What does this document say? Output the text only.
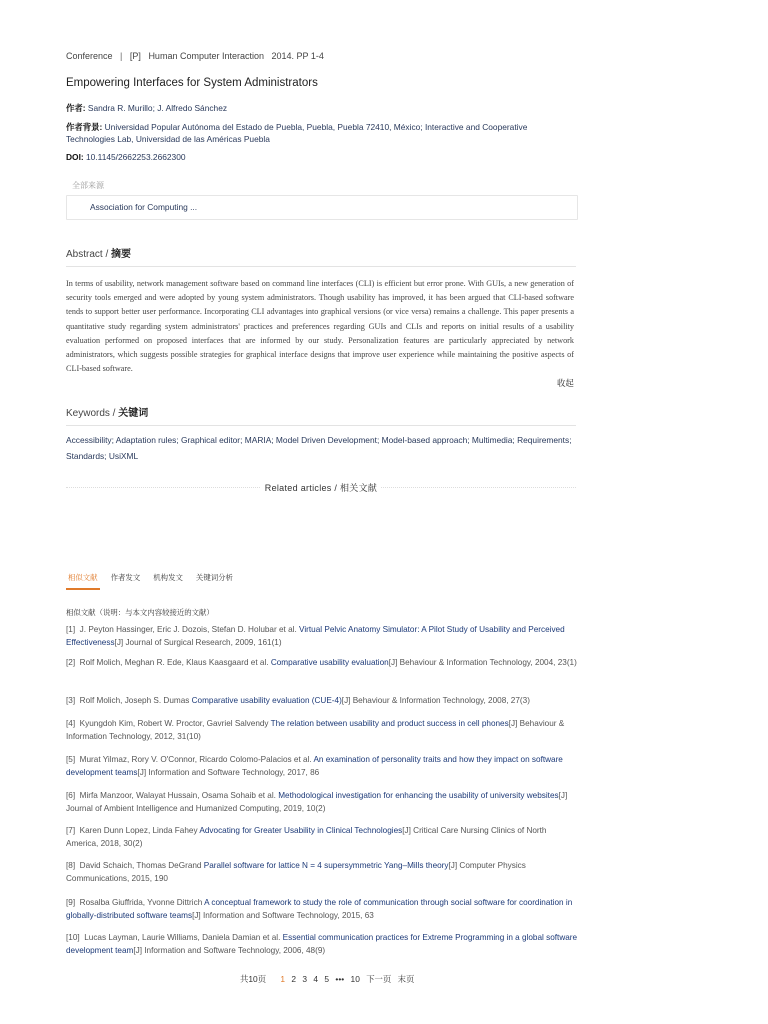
Conference | [P] Human Computer Interaction 2014. PP 1-4
Empowering Interfaces for System Administrators
作者: Sandra R. Murillo; J. Alfredo Sánchez
作者背景: Universidad Popular Autónoma del Estado de Puebla, Puebla, Puebla 72410, México; Interactive and Cooperative Technologies Lab, Universidad de las Américas Puebla
DOI: 10.1145/2662253.2662300
全部来源
Association for Computing ...
Abstract / 摘要
In terms of usability, network management software based on command line interfaces (CLI) is efficient but error prone. With GUIs, a new generation of security tools emerged and were adopted by young system administrators. Though usability has improved, it has been argued that CLI-based software tends to support better user performance. Incorporating CLI advantages into graphical versions (or vice versa) remains a challenge. This paper presents a quantitative study regarding system administrators' practices and preferences regarding GUIs and CLIs and reports on initial results of a usability evaluation performed on proposed interfaces that are informed by our study. Personalization features are particularly appreciated by network administrators, which suggests possible strategies for graphical interface designs that improve user experience while maintaining the positive aspects of CLI-based software.
收起
Keywords / 关键词
Accessibility; Adaptation rules; Graphical editor; MARIA; Model Driven Development; Model-based approach; Multimedia; Requirements; Standards; UsiXML
Related articles / 相关文献
相似文献 作者发文 机构发文 关键词分析
相似文献（说明：与本文内容较接近的文献）
[1] J. Peyton Hassinger, Eric J. Dozois, Stefan D. Holubar et al. Virtual Pelvic Anatomy Simulator: A Pilot Study of Usability and Perceived Effectiveness[J] Journal of Surgical Research, 2009, 161(1)
[2] Rolf Molich, Meghan R. Ede, Klaus Kaasgaard et al. Comparative usability evaluation[J] Behaviour & Information Technology, 2004, 23(1)
[3] Rolf Molich, Joseph S. Dumas Comparative usability evaluation (CUE-4)[J] Behaviour & Information Technology, 2008, 27(3)
[4] Kyungdoh Kim, Robert W. Proctor, Gavriel Salvendy The relation between usability and product success in cell phones[J] Behaviour & Information Technology, 2012, 31(10)
[5] Murat Yilmaz, Rory V. O'Connor, Ricardo Colomo-Palacios et al. An examination of personality traits and how they impact on software development teams[J] Information and Software Technology, 2017, 86
[6] Mirfa Manzoor, Walayat Hussain, Osama Sohaib et al. Methodological investigation for enhancing the usability of university websites[J] Journal of Ambient Intelligence and Humanized Computing, 2019, 10(2)
[7] Karen Dunn Lopez, Linda Fahey Advocating for Greater Usability in Clinical Technologies[J] Critical Care Nursing Clinics of North America, 2018, 30(2)
[8] David Schaich, Thomas DeGrand Parallel software for lattice N = 4 supersymmetric Yang–Mills theory[J] Computer Physics Communications, 2015, 190
[9] Rosalba Giuffrida, Yvonne Dittrich A conceptual framework to study the role of communication through social software for coordination in globally-distributed software teams[J] Information and Software Technology, 2015, 63
[10] Lucas Layman, Laurie Williams, Daniela Damian et al. Essential communication practices for Extreme Programming in a global software development team[J] Information and Software Technology, 2006, 48(9)
共10页 1 2 3 4 5 ••• 10 下一页 末页
